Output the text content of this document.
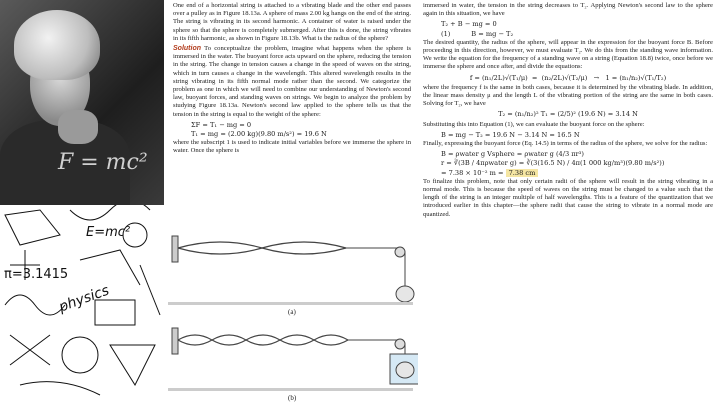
F = mc²
π=3.1415
E=mc²
physics

One end of a horizontal string is attached to a vibrating blade and the other end passes over a pulley as in Figure 18.13a. A sphere of mass 2.00 kg hangs on the end of the string. The string is vibrating in its second harmonic. A container of water is raised under the sphere so that the sphere is completely submerged. After this is done, the string vibrates in its fifth harmonic, as shown in Figure 18.13b. What is the radius of the sphere?

Solution To conceptualize the problem, imagine what happens when the sphere is immersed in the water. The buoyant force acts upward on the sphere, reducing the tension in the string. The change in tension causes a change in the speed of waves on the string, which in turn causes a change in the wavelength. This altered wavelength results in the string vibrating in its fifth normal mode rather than the second. We categorize the problem as one in which we will need to combine our understanding of Newton's second law, buoyant forces, and standing waves on strings. We begin to analyze the problem by studying Figure 18.13a. Newton's second law applied to the sphere tells us that the tension in the string is equal to the weight of the sphere:

ΣF = T₁ − mg = 0
T₁ = mg = (2.00 kg)(9.80 m/s²) = 19.6 N

where the subscript 1 is used to indicate initial variables before we immerse the sphere in water. Once the sphere is

(a)
(b)

immersed in water, the tension in the string decreases to T₂. Applying Newton's second law to the sphere again in this situation, we have

T₂ + B − mg = 0
(1)          B = mg − T₂

The desired quantity, the radius of the sphere, will appear in the expression for the buoyant force B. Before proceeding in this direction, however, we must evaluate T₂. We do this from the standing wave information. We write the equation for the frequency of a standing wave on a string (Equation 18.8) twice, once before we immerse the sphere and once after, and divide the equations:

f = (n₁/2L)√(T₁/μ)  =  (n₂/2L)√(T₂/μ)   →   1 = (n₁/n₂)√(T₁/T₂)

where the frequency f is the same in both cases, because it is determined by the vibrating blade. In addition, the linear mass density μ and the length L of the vibrating portion of the string are the same in both cases. Solving for T₂, we have

T₂ = (n₁/n₂)² T₁ = (2/5)² (19.6 N) = 3.14 N

Substituting this into Equation (1), we can evaluate the buoyant force on the sphere:

B = mg − T₂ = 19.6 N − 3.14 N = 16.5 N

Finally, expressing the buoyant force (Eq. 14.5) in terms of the radius of the sphere, we solve for the radius:

B = ρwater g Vsphere = ρwater g (4/3 πr³)
r = ∛(3B / 4πρwater g) = ∛(3(16.5 N) / 4π(1 000 kg/m³)(9.80 m/s²))
= 7.38 × 10⁻² m = 7.38 cm

To finalize this problem, note that only certain radii of the sphere will result in the string vibrating in a normal mode. This is because the speed of waves on the string must be changed to a value such that the length of the string is an integer multiple of half wavelengths. This is a feature of the quantization that we introduced earlier in this chapter—the sphere radii that cause the string to vibrate in a normal mode are quantized.
